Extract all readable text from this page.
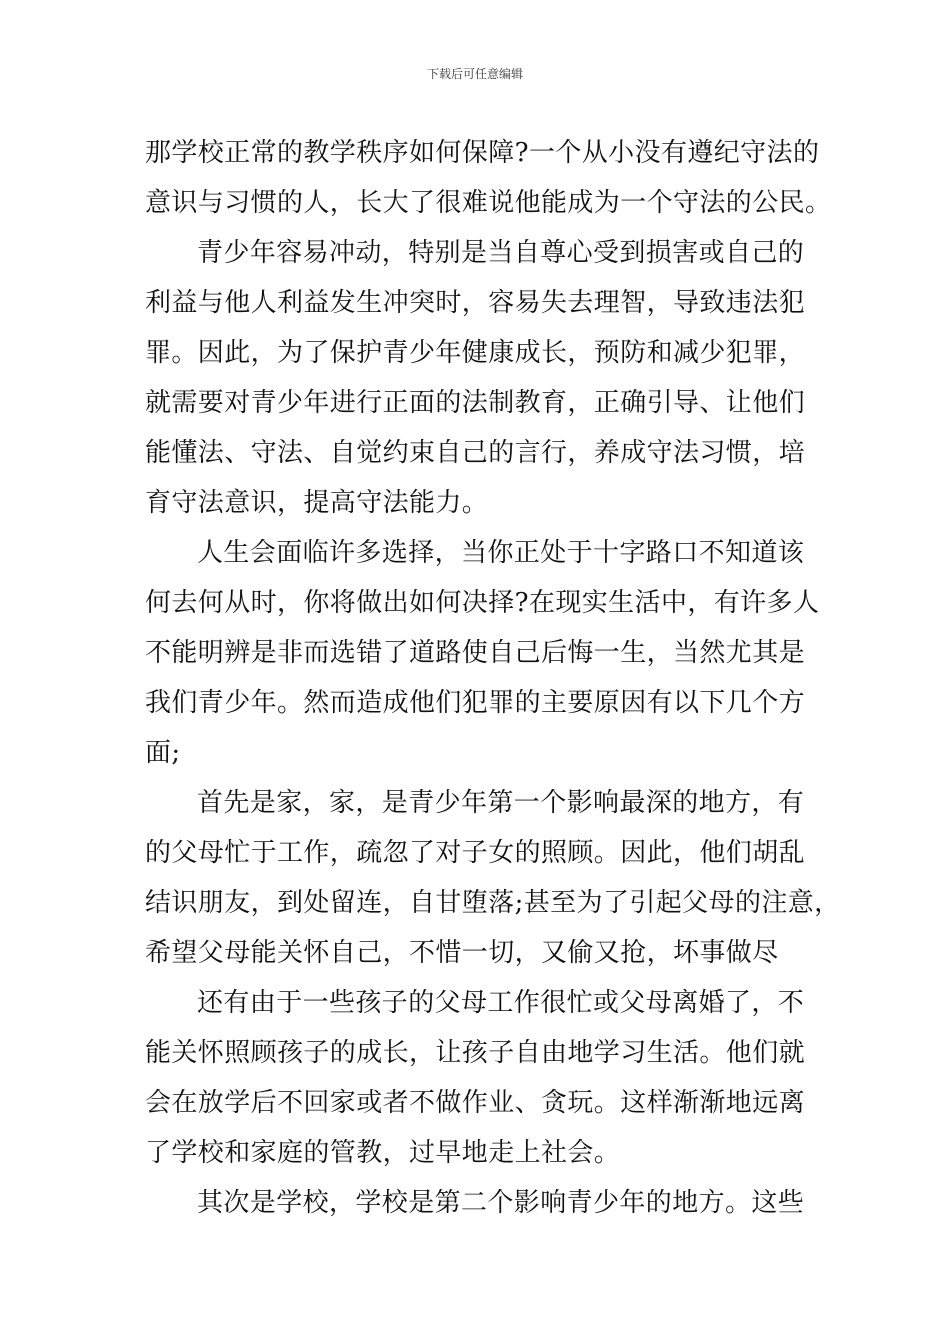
下载后可任意编辑

那学校正常的教学秩序如何保障?一个从小没有遵纪守法的
意识与习惯的人，长大了很难说他能成为一个守法的公民。

青少年容易冲动，特别是当自尊心受到损害或自己的
利益与他人利益发生冲突时，容易失去理智，导致违法犯
罪。因此，为了保护青少年健康成长，预防和减少犯罪，
就需要对青少年进行正面的法制教育，正确引导、让他们
能懂法、守法、自觉约束自己的言行，养成守法习惯，培
育守法意识，提高守法能力。

人生会面临许多选择，当你正处于十字路口不知道该
何去何从时，你将做出如何决择?在现实生活中，有许多人
不能明辨是非而选错了道路使自己后悔一生，当然尤其是
我们青少年。然而造成他们犯罪的主要原因有以下几个方
面;

首先是家，家，是青少年第一个影响最深的地方，有
的父母忙于工作，疏忽了对子女的照顾。因此，他们胡乱
结识朋友，到处留连，自甘堕落;甚至为了引起父母的注意，
希望父母能关怀自己，不惜一切，又偷又抢，坏事做尽

还有由于一些孩子的父母工作很忙或父母离婚了，不
能关怀照顾孩子的成长，让孩子自由地学习生活。他们就
会在放学后不回家或者不做作业、贪玩。这样渐渐地远离
了学校和家庭的管教，过早地走上社会。

其次是学校，学校是第二个影响青少年的地方。这些
